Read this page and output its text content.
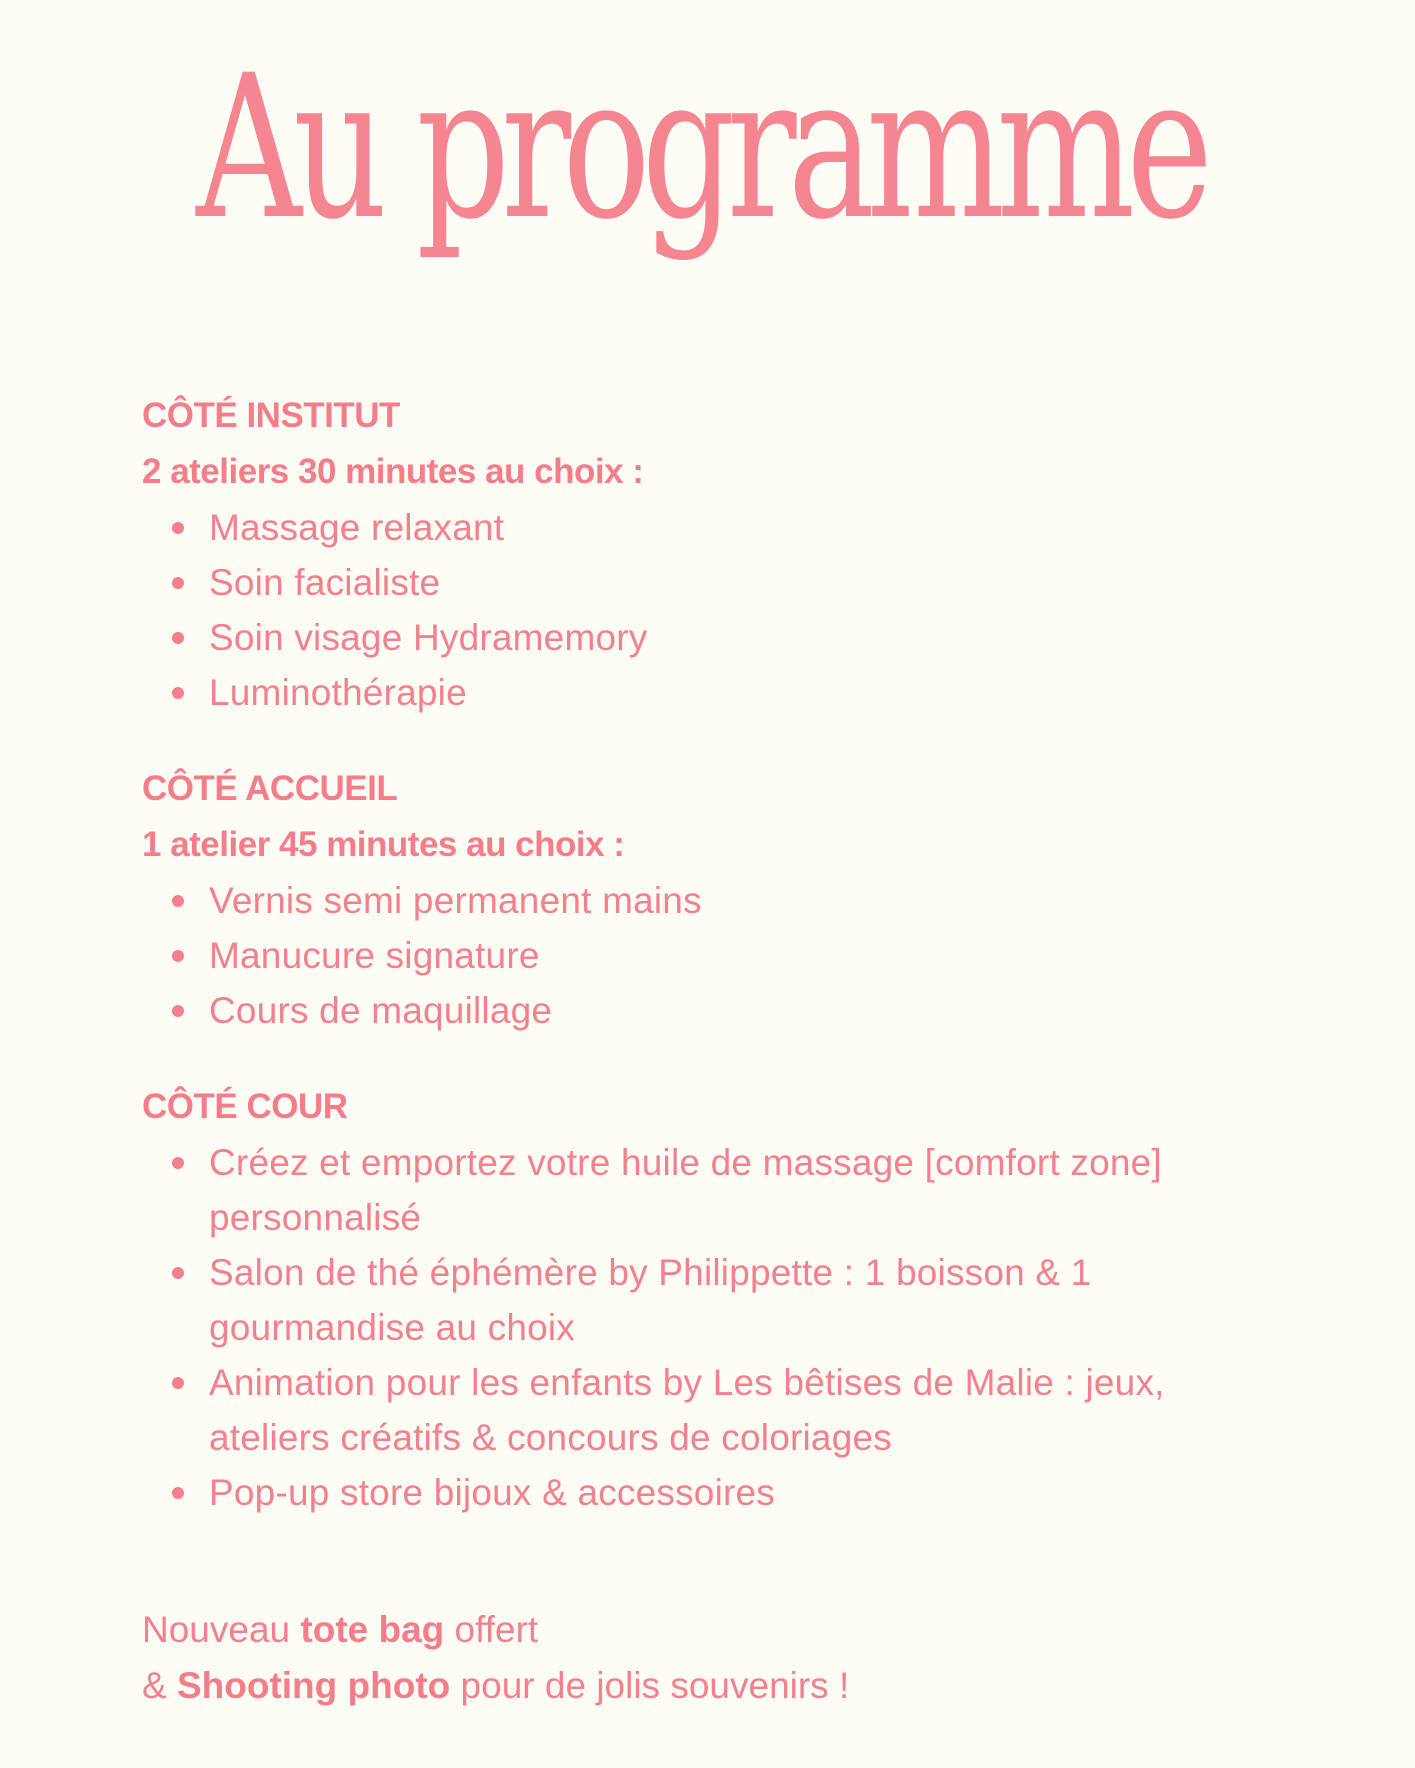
Au programme

CÔTÉ INSTITUT

2 ateliers 30 minutes au choix :

Massage relaxant
Soin facialiste
Soin visage Hydramemory
Luminothérapie

CÔTÉ ACCUEIL

1 atelier 45 minutes au choix :

Vernis semi permanent mains
Manucure signature
Cours de maquillage

CÔTÉ COUR

Créez et emportez votre huile de massage [comfort zone] personnalisé
Salon de thé éphémère by Philippette : 1 boisson & 1 gourmandise au choix
Animation pour les enfants by Les bêtises de Malie : jeux, ateliers créatifs & concours de coloriages
Pop-up store bijoux & accessoires

Nouveau tote bag offert

& Shooting photo pour de jolis souvenirs !
